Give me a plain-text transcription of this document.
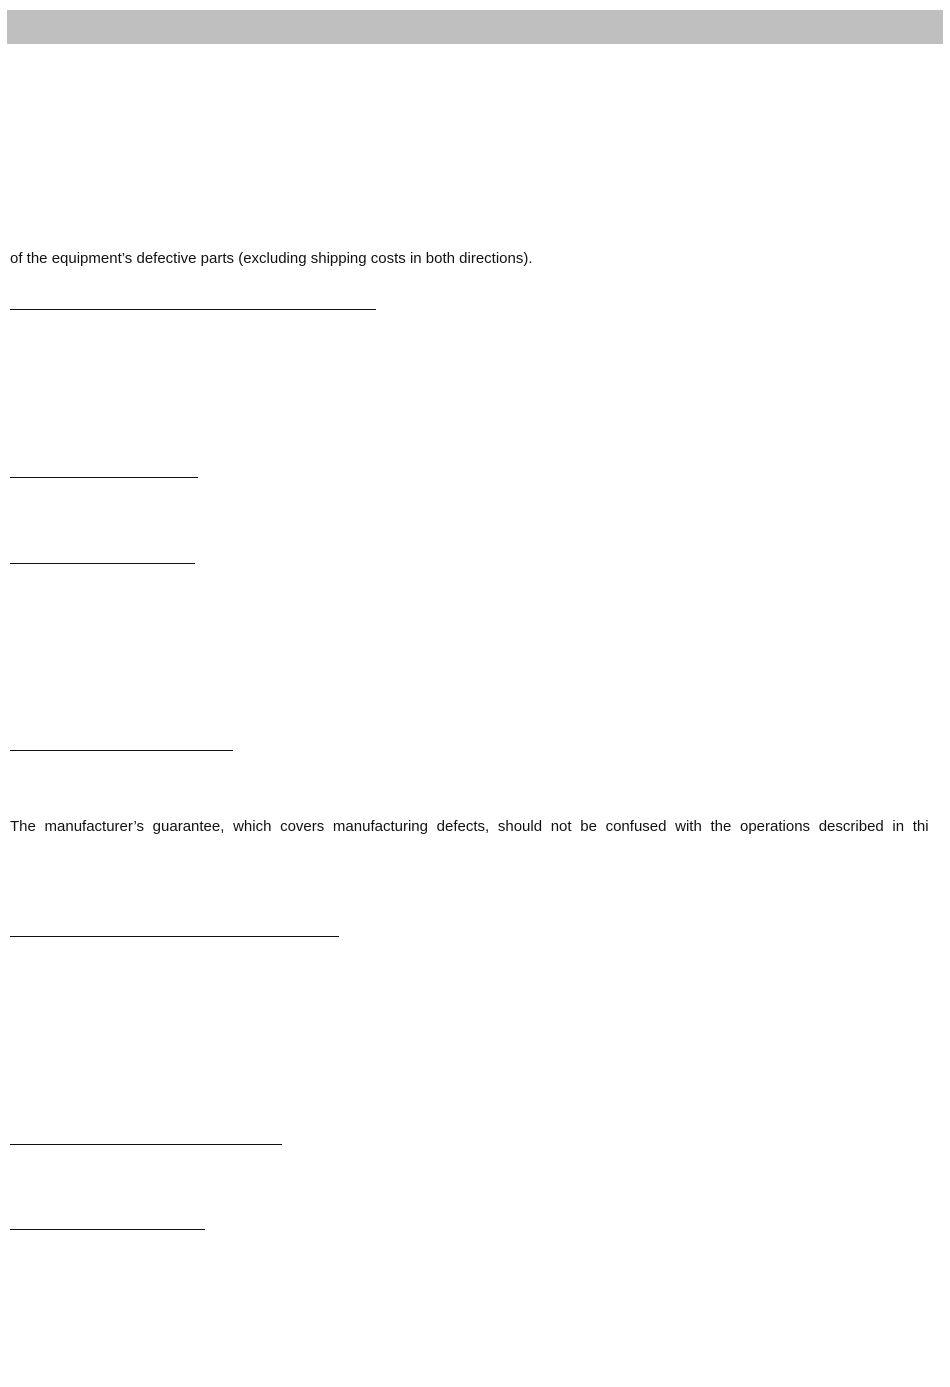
of the equipment’s defective parts (excluding shipping costs in both directions).

The manufacturer’s guarantee, which covers manufacturing defects, should not be confused with the operations described in thi
